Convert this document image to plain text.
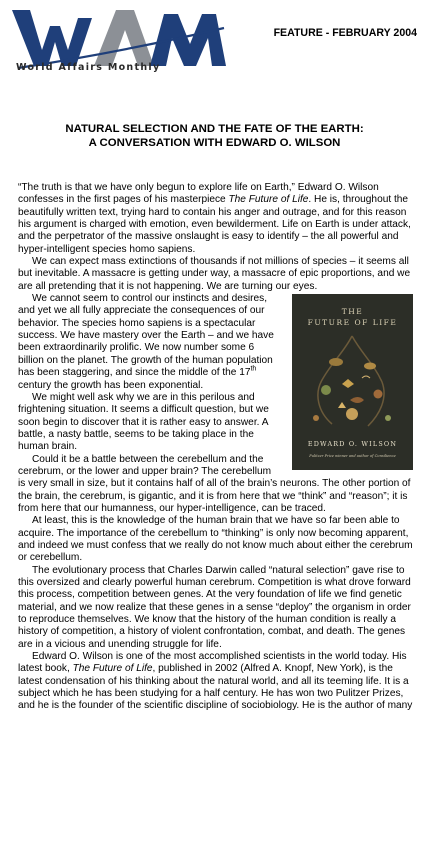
World Affairs Monthly
FEATURE - FEBRUARY 2004

NATURAL SELECTION AND THE FATE OF THE EARTH:

A CONVERSATION WITH EDWARD O. WILSON

“The truth is that we have only begun to explore life on Earth,” Edward O. Wilson confesses in the first pages of his masterpiece The Future of Life. He is, throughout the beautifully written text, trying hard to contain his anger and outrage, and for this reason his argument is charged with emotion, even bewilderment. Life on Earth is under attack, and the perpetrator of the massive onslaught is easy to identify – the all powerful and hyper-intelligent species homo sapiens.

We can expect mass extinctions of thousands if not millions of species – it seems all but inevitable. A massacre is getting under way, a massacre of epic proportions, and we are all pretending that it is not happening. We are turning our eyes.

THE
FUTURE OF LIFE
EDWARD O. WILSON
Pulitzer Prize winner and author of Consilience

We cannot seem to control our instincts and desires, and yet we all fully appreciate the consequences of our behavior. The species homo sapiens is a spectacular success. We have mastery over the Earth – and we have been extraordinarily prolific. We now number some 6 billion on the planet. The growth of the human population has been staggering, and since the middle of the 17th century the growth has been exponential.

We might well ask why we are in this perilous and frightening situation. It seems a difficult question, but we soon begin to discover that it is rather easy to answer. A battle, a nasty battle, seems to be taking place in the human brain.

Could it be a battle between the cerebellum and the cerebrum, or the lower and upper brain? The cerebellum is very small in size, but it contains half of all of the brain’s neurons. The other portion of the brain, the cerebrum, is gigantic, and it is from here that we “think” and “reason”; it is from here that our humanness, our hyper-intelligence, can be traced.

At least, this is the knowledge of the human brain that we have so far been able to acquire. The importance of the cerebellum to “thinking” is only now becoming apparent, and indeed we must confess that we really do not know much about either the cerebrum or cerebellum.

The evolutionary process that Charles Darwin called “natural selection” gave rise to this oversized and clearly powerful human cerebrum. Competition is what drove forward this process, competition between genes. At the very foundation of life we find genetic material, and we now realize that these genes in a sense “deploy” the organism in order to reproduce themselves. We know that the history of the human condition is really a history of competition, a history of violent confrontation, combat, and death. The genes are in a vicious and unending struggle for life.

Edward O. Wilson is one of the most accomplished scientists in the world today. His latest book, The Future of Life, published in 2002 (Alfred A. Knopf, New York), is the latest condensation of his thinking about the natural world, and all its teeming life. It is a subject which he has been studying for a half century. He has won two Pulitzer Prizes, and he is the founder of the scientific discipline of sociobiology. He is the author of many
